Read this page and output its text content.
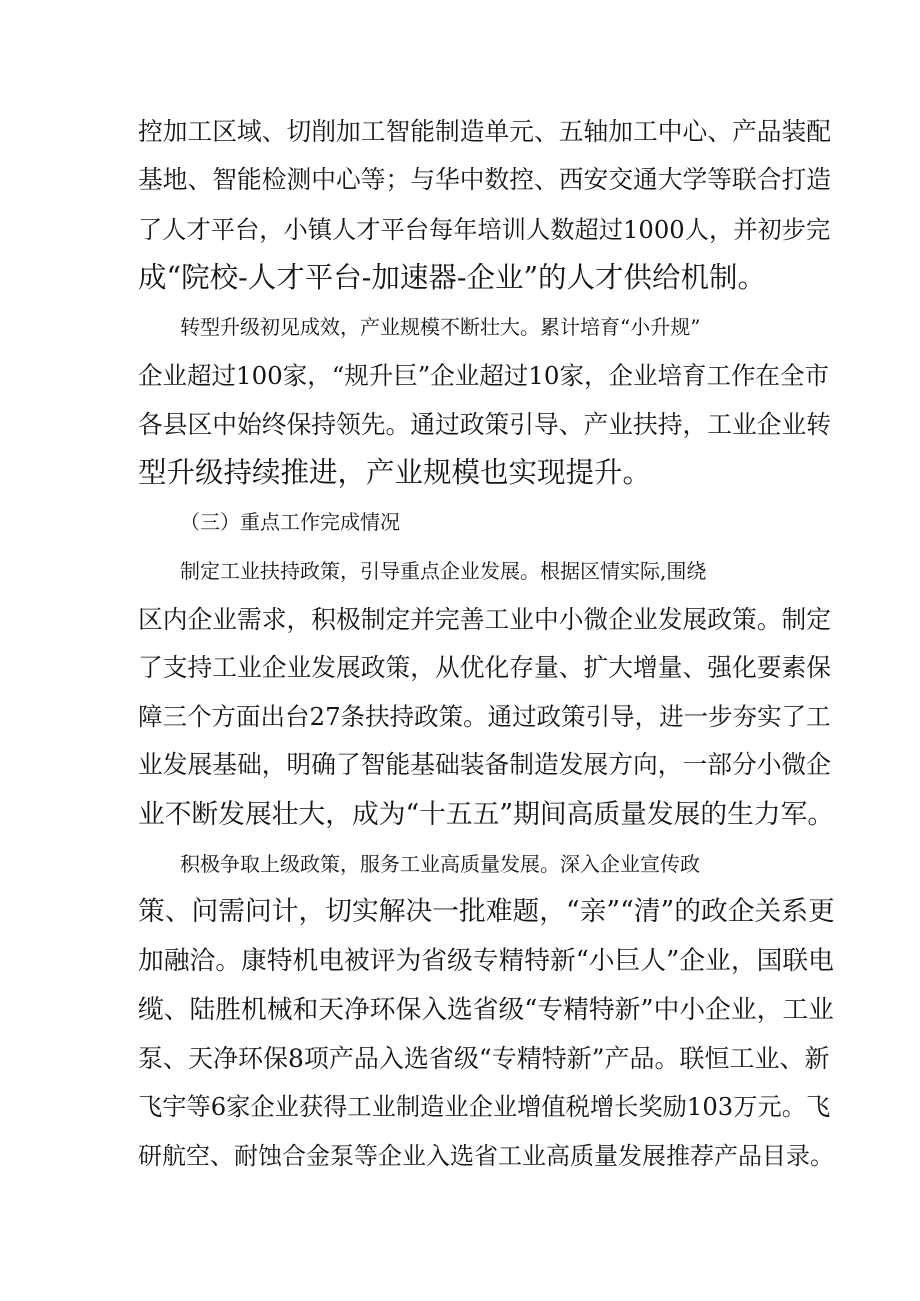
控加工区域、切削加工智能制造单元、五轴加工中心、产品装配
基地、智能检测中心等；与华中数控、西安交通大学等联合打造
了人才平台，小镇人才平台每年培训人数超过1000人，并初步完
成“院校-人才平台-加速器-企业”的人才供给机制。
转型升级初见成效，产业规模不断壮大。累计培育“小升规”
企业超过100家，“规升巨”企业超过10家，企业培育工作在全市
各县区中始终保持领先。通过政策引导、产业扶持，工业企业转
型升级持续推进，产业规模也实现提升。
（三）重点工作完成情况
制定工业扶持政策，引导重点企业发展。根据区情实际,围绕
区内企业需求，积极制定并完善工业中小微企业发展政策。制定
了支持工业企业发展政策，从优化存量、扩大增量、强化要素保
障三个方面出台27条扶持政策。通过政策引导，进一步夯实了工
业发展基础，明确了智能基础装备制造发展方向，一部分小微企
业不断发展壮大，成为“十五五”期间高质量发展的生力军。
积极争取上级政策，服务工业高质量发展。深入企业宣传政
策、问需问计，切实解决一批难题，“亲”“清”的政企关系更
加融洽。康特机电被评为省级专精特新“小巨人”企业，国联电
缆、陆胜机械和天净环保入选省级“专精特新”中小企业，工业
泵、天净环保8项产品入选省级“专精特新”产品。联恒工业、新
飞宇等6家企业获得工业制造业企业增值税增长奖励103万元。飞
研航空、耐蚀合金泵等企业入选省工业高质量发展推荐产品目录。
